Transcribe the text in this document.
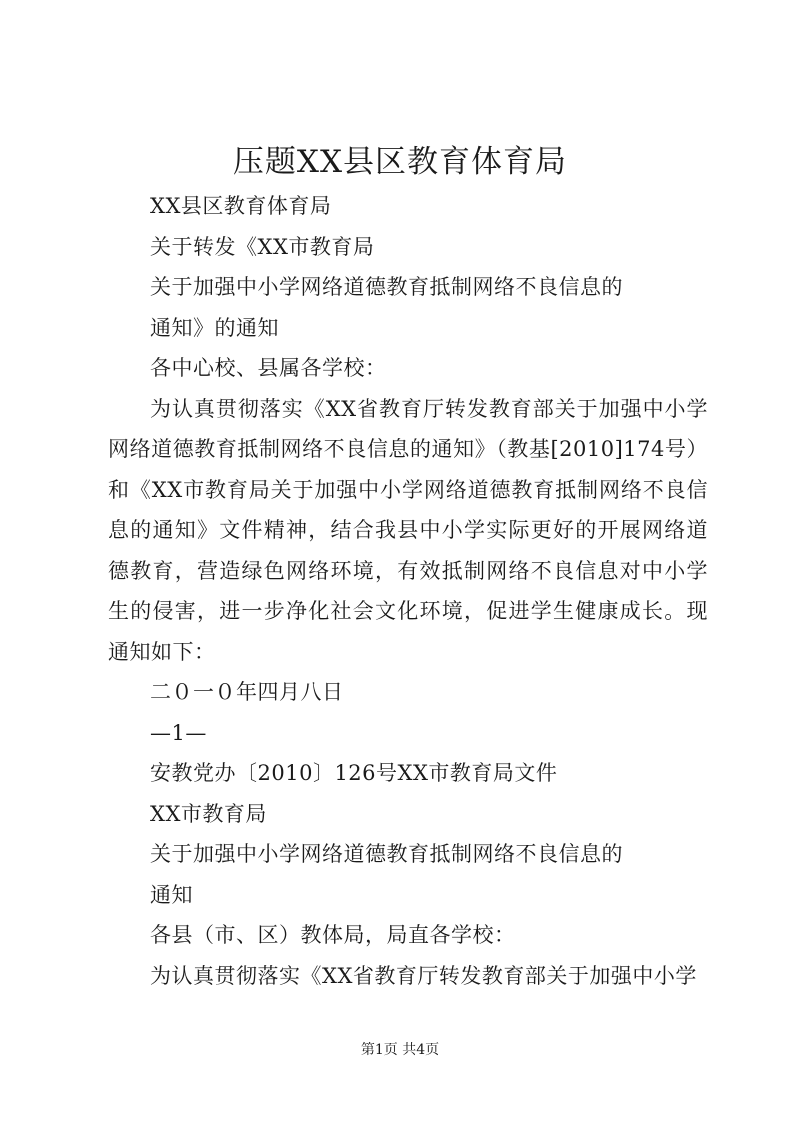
压题XX县区教育体育局
XX县区教育体育局
关于转发《XX市教育局
关于加强中小学网络道德教育抵制网络不良信息的
通知》的通知
各中心校、县属各学校：

为认真贯彻落实《XX省教育厅转发教育部关于加强中小学网络道德教育抵制网络不良信息的通知》（教基[2010]174号）和《XX市教育局关于加强中小学网络道德教育抵制网络不良信息的通知》文件精神，结合我县中小学实际更好的开展网络道德教育，营造绿色网络环境，有效抵制网络不良信息对中小学生的侵害，进一步净化社会文化环境，促进学生健康成长。现通知如下：

二０一０年四月八日
—1—
安教党办〔2010〕126号XX市教育局文件
XX市教育局
关于加强中小学网络道德教育抵制网络不良信息的
通知
各县（市、区）教体局，局直各学校：
为认真贯彻落实《XX省教育厅转发教育部关于加强中小学
第1页 共4页
